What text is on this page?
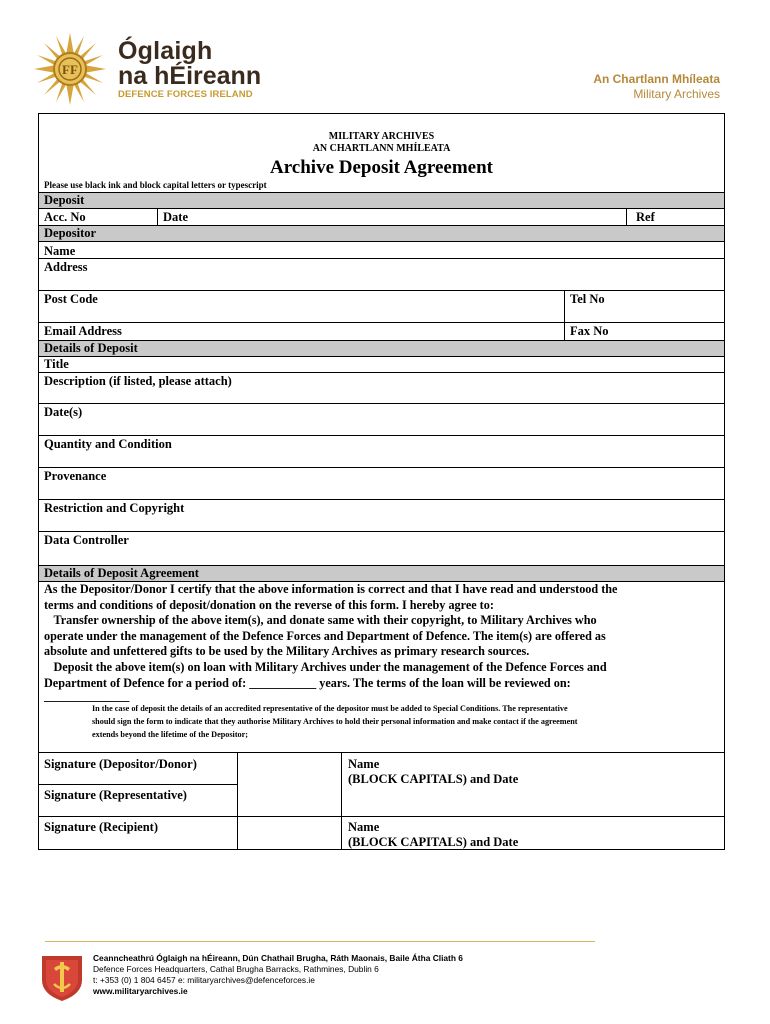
FF
Óglaigh
na hÉireann
DEFENCE FORCES IRELAND
An Chartlann Mhíleata
Military Archives
MILITARY ARCHIVES
AN CHARTLANN MHÍLEATA
Archive Deposit Agreement
Please use black ink and block capital letters or typescript
Deposit
Acc. No	Date	Ref
Depositor
Name
Address
Post Code	Tel No
Email Address	Fax No
Details of Deposit
Title
Description (if listed, please attach)
Date(s)
Quantity and Condition
Provenance
Restriction and Copyright
Data Controller
Details of Deposit Agreement
As the Depositor/Donor I certify that the above information is correct and that I have read and understood the
terms and conditions of deposit/donation on the reverse of this form. I hereby agree to:
Transfer ownership of the above item(s), and donate same with their copyright, to Military Archives who
operate under the management of the Defence Forces and Department of Defence. The item(s) are offered as
absolute and unfettered gifts to be used by the Military Archives as primary research sources.
Deposit the above item(s) on loan with Military Archives under the management of the Defence Forces and
Department of Defence for a period of: ___________ years. The terms of the loan will be reviewed on:
______________
In the case of deposit the details of an accredited representative of the depositor must be added to Special Conditions. The representative
should sign the form to indicate that they authorise Military Archives to hold their personal information and make contact if the agreement
extends beyond the lifetime of the Depositor;
Signature (Depositor/Donor)	Name
(BLOCK CAPITALS) and Date
Signature (Representative)
Signature (Recipient)	Name
(BLOCK CAPITALS) and Date
Ceanncheathrú Óglaigh na hÉireann, Dún Chathail Brugha, Ráth Maonais, Baile Átha Cliath 6
Defence Forces Headquarters, Cathal Brugha Barracks, Rathmines, Dublin 6
t: +353 (0) 1 804 6457 e: militaryarchives@defenceforces.ie
www.militaryarchives.ie
